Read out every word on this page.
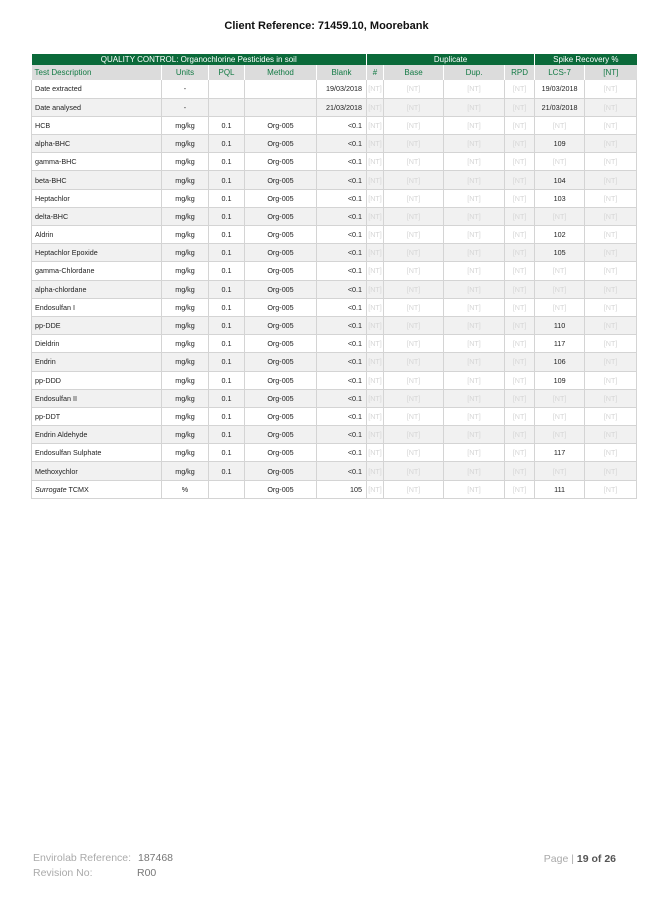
Client Reference: 71459.10, Moorebank
QUALITY CONTROL: Organochlorine Pesticides in soil					Duplicate				Spike Recovery %	
Test Description	Units	PQL	Method	Blank	#	Base	Dup.	RPD	LCS-7	[NT]
Date extracted	-			19/03/2018	[NT]	[NT]	[NT]	[NT]	19/03/2018	[NT]
Date analysed	-			21/03/2018	[NT]	[NT]	[NT]	[NT]	21/03/2018	[NT]
HCB	mg/kg	0.1	Org-005	<0.1	[NT]	[NT]	[NT]	[NT]	[NT]	[NT]
alpha-BHC	mg/kg	0.1	Org-005	<0.1	[NT]	[NT]	[NT]	[NT]	109	[NT]
gamma-BHC	mg/kg	0.1	Org-005	<0.1	[NT]	[NT]	[NT]	[NT]	[NT]	[NT]
beta-BHC	mg/kg	0.1	Org-005	<0.1	[NT]	[NT]	[NT]	[NT]	104	[NT]
Heptachlor	mg/kg	0.1	Org-005	<0.1	[NT]	[NT]	[NT]	[NT]	103	[NT]
delta-BHC	mg/kg	0.1	Org-005	<0.1	[NT]	[NT]	[NT]	[NT]	[NT]	[NT]
Aldrin	mg/kg	0.1	Org-005	<0.1	[NT]	[NT]	[NT]	[NT]	102	[NT]
Heptachlor Epoxide	mg/kg	0.1	Org-005	<0.1	[NT]	[NT]	[NT]	[NT]	105	[NT]
gamma-Chlordane	mg/kg	0.1	Org-005	<0.1	[NT]	[NT]	[NT]	[NT]	[NT]	[NT]
alpha-chlordane	mg/kg	0.1	Org-005	<0.1	[NT]	[NT]	[NT]	[NT]	[NT]	[NT]
Endosulfan I	mg/kg	0.1	Org-005	<0.1	[NT]	[NT]	[NT]	[NT]	[NT]	[NT]
pp-DDE	mg/kg	0.1	Org-005	<0.1	[NT]	[NT]	[NT]	[NT]	110	[NT]
Dieldrin	mg/kg	0.1	Org-005	<0.1	[NT]	[NT]	[NT]	[NT]	117	[NT]
Endrin	mg/kg	0.1	Org-005	<0.1	[NT]	[NT]	[NT]	[NT]	106	[NT]
pp-DDD	mg/kg	0.1	Org-005	<0.1	[NT]	[NT]	[NT]	[NT]	109	[NT]
Endosulfan II	mg/kg	0.1	Org-005	<0.1	[NT]	[NT]	[NT]	[NT]	[NT]	[NT]
pp-DDT	mg/kg	0.1	Org-005	<0.1	[NT]	[NT]	[NT]	[NT]	[NT]	[NT]
Endrin Aldehyde	mg/kg	0.1	Org-005	<0.1	[NT]	[NT]	[NT]	[NT]	[NT]	[NT]
Endosulfan Sulphate	mg/kg	0.1	Org-005	<0.1	[NT]	[NT]	[NT]	[NT]	117	[NT]
Methoxychlor	mg/kg	0.1	Org-005	<0.1	[NT]	[NT]	[NT]	[NT]	[NT]	[NT]
Surrogate TCMX	%		Org-005	105	[NT]	[NT]	[NT]	[NT]	111	[NT]
Envirolab Reference: 187468
Revision No:	R00
Page | 19 of 26
